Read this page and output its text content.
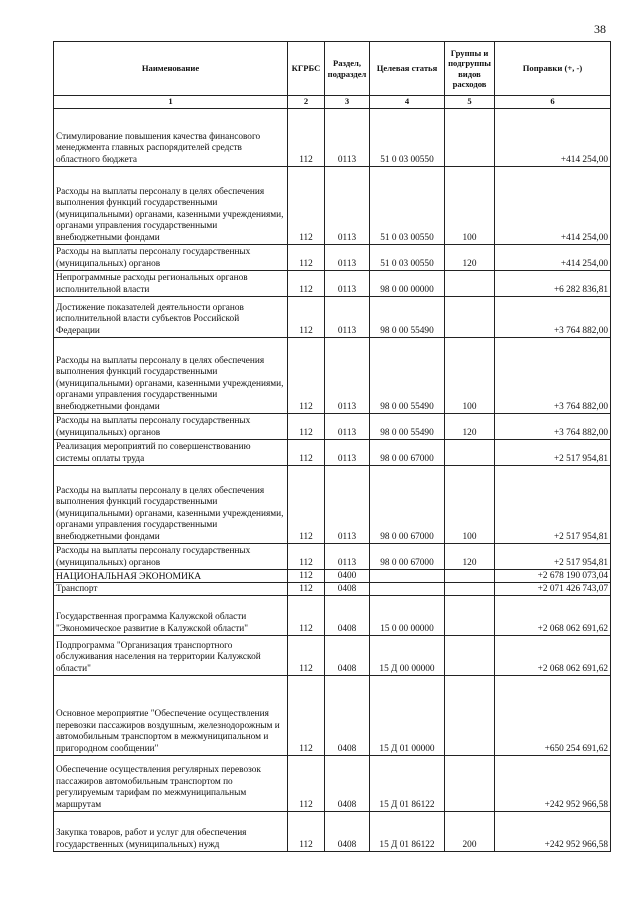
38
Наименование	КГРБС	Раздел, подраздел	Целевая статья	Группы и подгруппы видов расходов	Поправки (+, -)
1	2	3	4	5	6
Стимулирование повышения качества финансового менеджмента главных распорядителей средств областного бюджета	112	0113	51 0 03 00550		+414 254,00
Расходы на выплаты персоналу в целях обеспечения выполнения функций государственными (муниципальными) органами, казенными учреждениями, органами управления государственными внебюджетными фондами	112	0113	51 0 03 00550	100	+414 254,00
Расходы на выплаты персоналу государственных (муниципальных) органов	112	0113	51 0 03 00550	120	+414 254,00
Непрограммные расходы региональных органов исполнительной власти	112	0113	98 0 00 00000		+6 282 836,81
Достижение показателей деятельности органов исполнительной власти субъектов Российской Федерации	112	0113	98 0 00 55490		+3 764 882,00
Расходы на выплаты персоналу в целях обеспечения выполнения функций государственными (муниципальными) органами, казенными учреждениями, органами управления государственными внебюджетными фондами	112	0113	98 0 00 55490	100	+3 764 882,00
Расходы на выплаты персоналу государственных (муниципальных) органов	112	0113	98 0 00 55490	120	+3 764 882,00
Реализация мероприятий по совершенствованию системы оплаты труда	112	0113	98 0 00 67000		+2 517 954,81
Расходы на выплаты персоналу в целях обеспечения выполнения функций государственными (муниципальными) органами, казенными учреждениями, органами управления государственными внебюджетными фондами	112	0113	98 0 00 67000	100	+2 517 954,81
Расходы на выплаты персоналу государственных (муниципальных) органов	112	0113	98 0 00 67000	120	+2 517 954,81
НАЦИОНАЛЬНАЯ ЭКОНОМИКА	112	0400			+2 678 190 073,04
Транспорт	112	0408			+2 071 426 743,07
Государственная программа Калужской области "Экономическое развитие в Калужской области"	112	0408	15 0 00 00000		+2 068 062 691,62
Подпрограмма "Организация транспортного обслуживания населения на территории Калужской области"	112	0408	15 Д 00 00000		+2 068 062 691,62
Основное мероприятие "Обеспечение осуществления перевозки пассажиров воздушным, железнодорожным и автомобильным транспортом в межмуниципальном и пригородном сообщении"	112	0408	15 Д 01 00000		+650 254 691,62
Обеспечение осуществления регулярных перевозок пассажиров автомобильным транспортом по регулируемым тарифам по межмуниципальным маршрутам	112	0408	15 Д 01 86122		+242 952 966,58
Закупка товаров, работ и услуг для обеспечения государственных (муниципальных) нужд	112	0408	15 Д 01 86122	200	+242 952 966,58
